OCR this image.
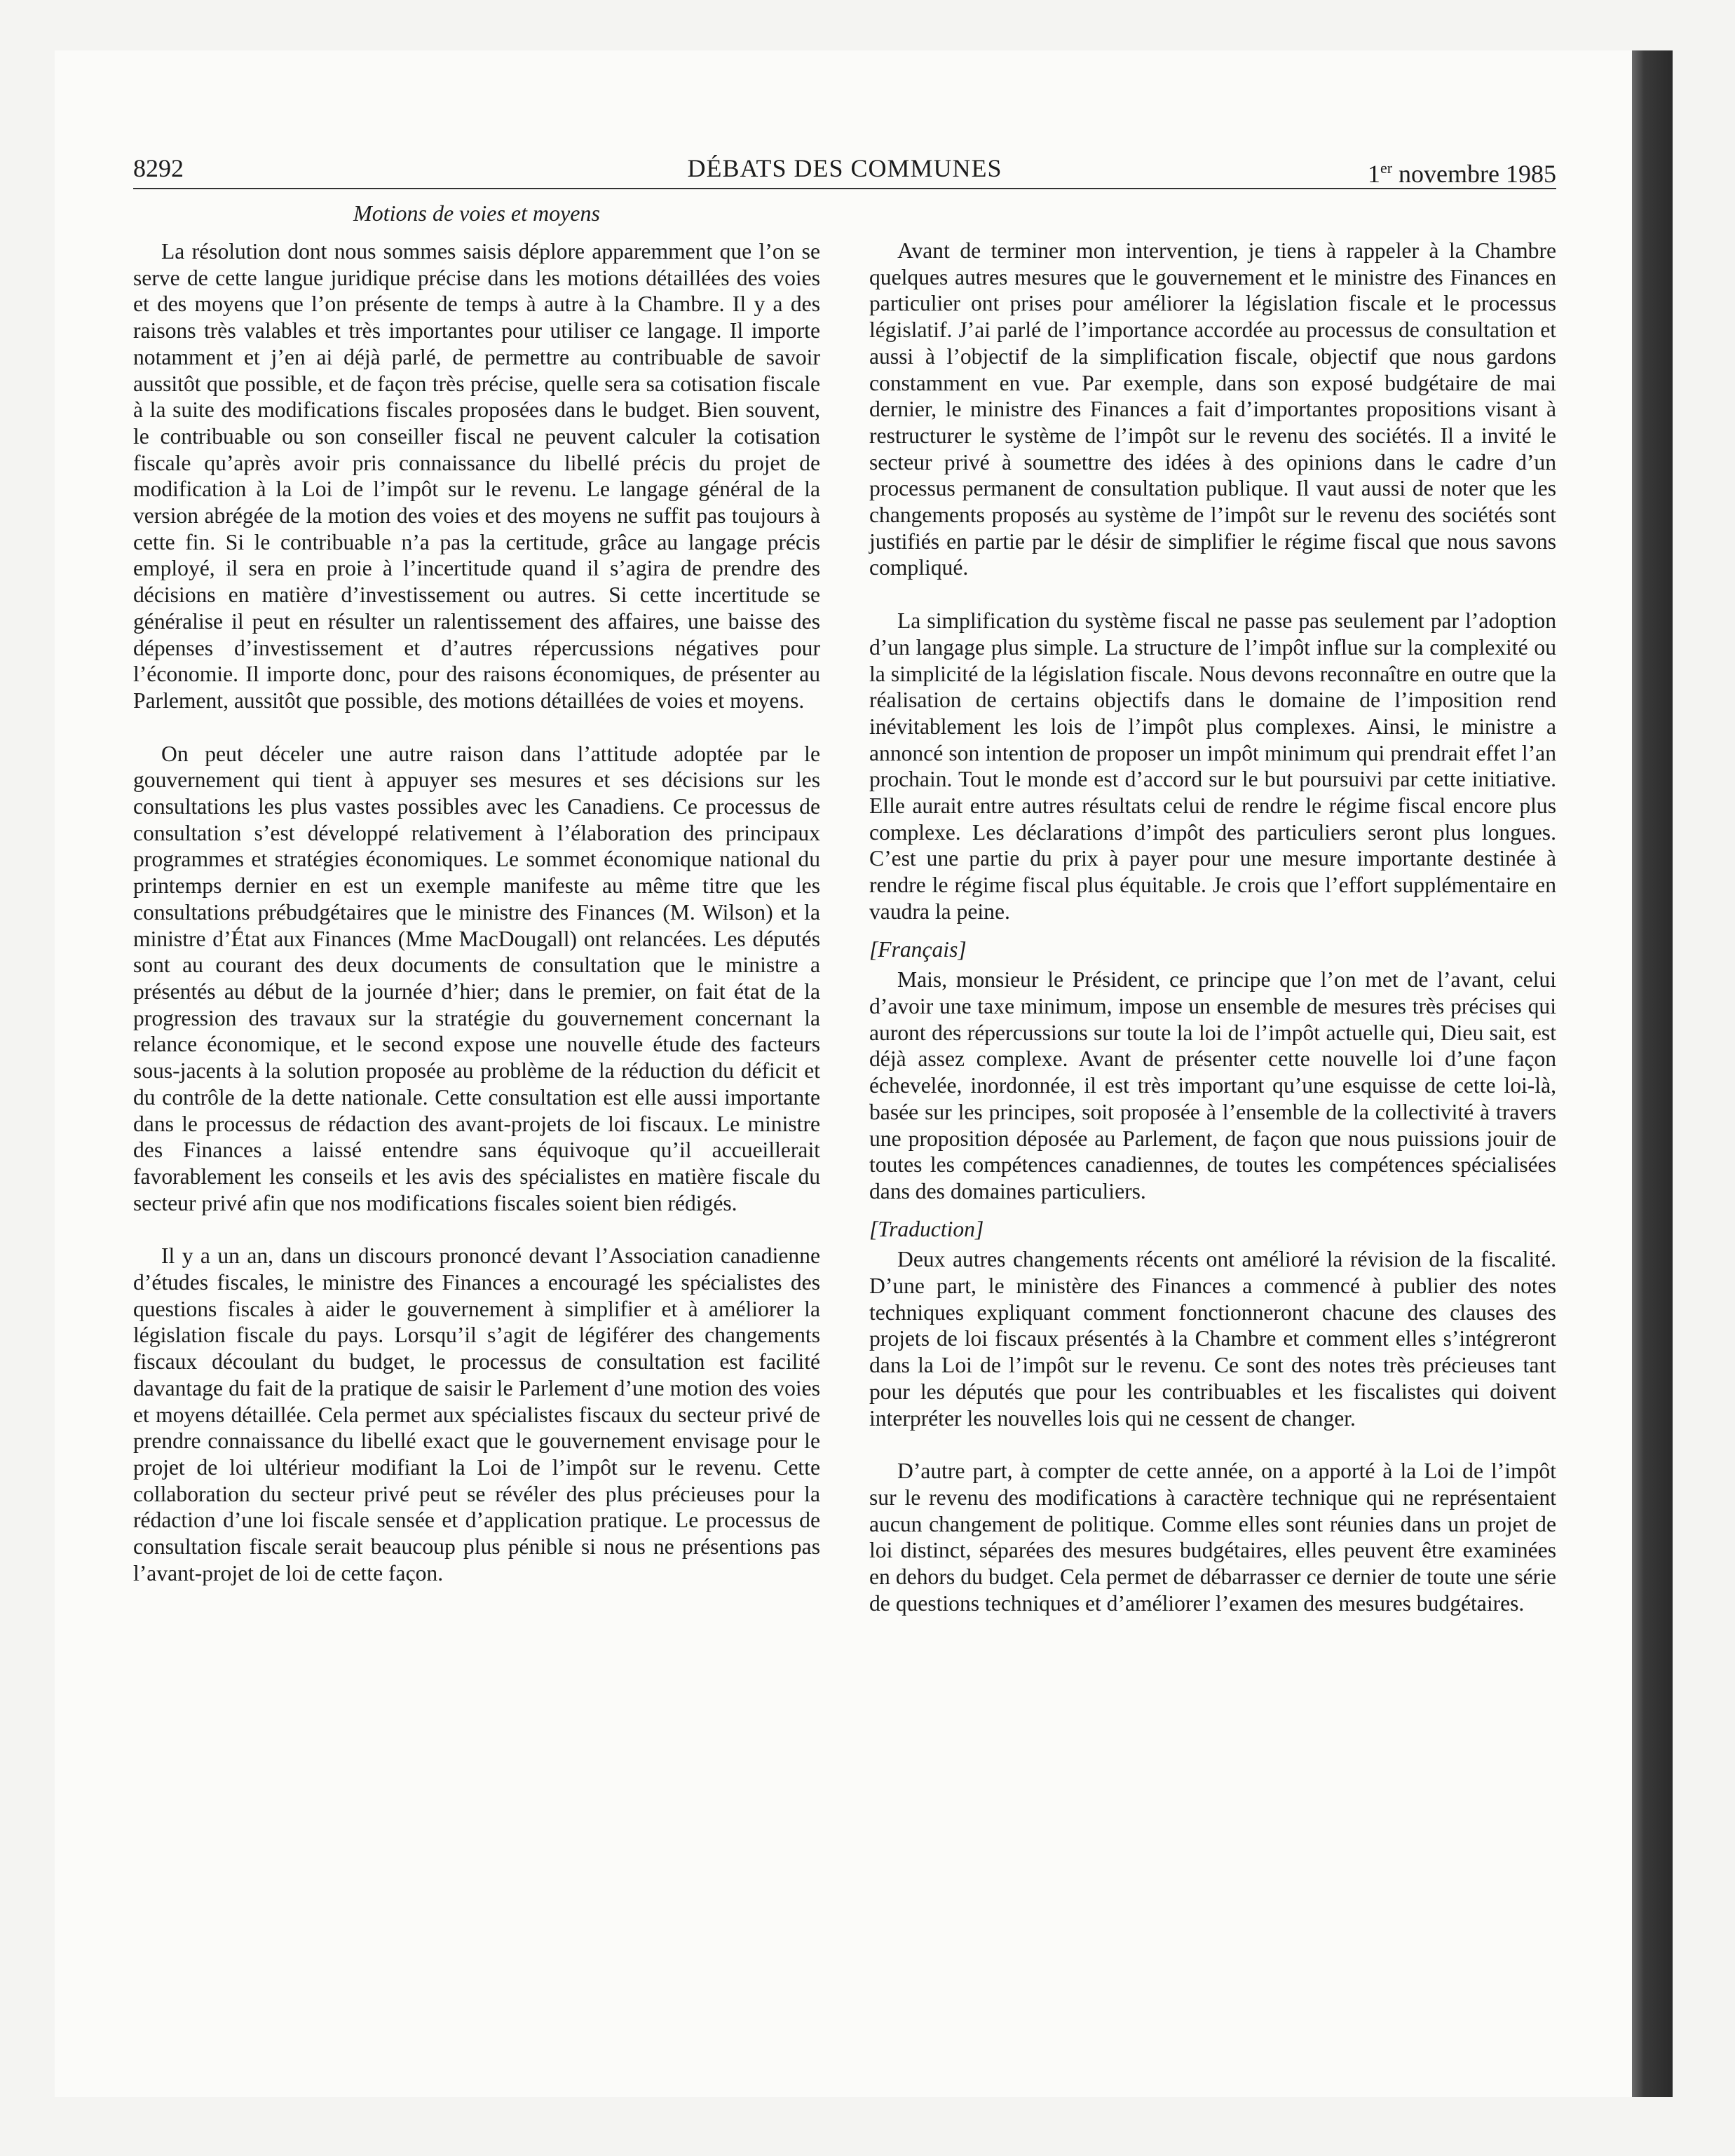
8292	DÉBATS DES COMMUNES	1er novembre 1985
Motions de voies et moyens

La résolution dont nous sommes saisis déplore apparemment que l’on se serve de cette langue juridique précise dans les motions détaillées des voies et des moyens que l’on présente de temps à autre à la Chambre. Il y a des raisons très valables et très importantes pour utiliser ce langage. Il importe notamment et j’en ai déjà parlé, de permettre au contribuable de savoir aussitôt que possible, et de façon très précise, quelle sera sa cotisation fiscale à la suite des modifications fiscales proposées dans le budget. Bien souvent, le contribuable ou son conseiller fiscal ne peuvent calculer la cotisation fiscale qu’après avoir pris connaissance du libellé précis du projet de modification à la Loi de l’impôt sur le revenu. Le langage général de la version abrégée de la motion des voies et des moyens ne suffit pas toujours à cette fin. Si le contribuable n’a pas la certitude, grâce au langage précis employé, il sera en proie à l’incertitude quand il s’agira de prendre des décisions en matière d’investissement ou autres. Si cette incertitude se généralise il peut en résulter un ralentissement des affaires, une baisse des dépenses d’investissement et d’autres répercussions négatives pour l’économie. Il importe donc, pour des raisons économiques, de présenter au Parlement, aussitôt que possible, des motions détaillées de voies et moyens.

On peut déceler une autre raison dans l’attitude adoptée par le gouvernement qui tient à appuyer ses mesures et ses décisions sur les consultations les plus vastes possibles avec les Canadiens. Ce processus de consultation s’est développé relativement à l’élaboration des principaux programmes et stratégies économiques. Le sommet économique national du printemps dernier en est un exemple manifeste au même titre que les consultations prébudgétaires que le ministre des Finances (M. Wilson) et la ministre d’État aux Finances (Mme MacDougall) ont relancées. Les députés sont au courant des deux documents de consultation que le ministre a présentés au début de la journée d’hier; dans le premier, on fait état de la progression des travaux sur la stratégie du gouvernement concernant la relance économique, et le second expose une nouvelle étude des facteurs sous-jacents à la solution proposée au problème de la réduction du déficit et du contrôle de la dette nationale. Cette consultation est elle aussi importante dans le processus de rédaction des avant-projets de loi fiscaux. Le ministre des Finances a laissé entendre sans équivoque qu’il accueillerait favorablement les conseils et les avis des spécialistes en matière fiscale du secteur privé afin que nos modifications fiscales soient bien rédigés.

Il y a un an, dans un discours prononcé devant l’Association canadienne d’études fiscales, le ministre des Finances a encouragé les spécialistes des questions fiscales à aider le gouvernement à simplifier et à améliorer la législation fiscale du pays. Lorsqu’il s’agit de légiférer des changements fiscaux découlant du budget, le processus de consultation est facilité davantage du fait de la pratique de saisir le Parlement d’une motion des voies et moyens détaillée. Cela permet aux spécialistes fiscaux du secteur privé de prendre connaissance du libellé exact que le gouvernement envisage pour le projet de loi ultérieur modifiant la Loi de l’impôt sur le revenu. Cette collaboration du secteur privé peut se révéler des plus précieuses pour la rédaction d’une loi fiscale sensée et d’application pratique. Le processus de consultation fiscale serait beaucoup plus pénible si nous ne présentions pas l’avant-projet de loi de cette façon.

Avant de terminer mon intervention, je tiens à rappeler à la Chambre quelques autres mesures que le gouvernement et le ministre des Finances en particulier ont prises pour améliorer la législation fiscale et le processus législatif. J’ai parlé de l’importance accordée au processus de consultation et aussi à l’objectif de la simplification fiscale, objectif que nous gardons constamment en vue. Par exemple, dans son exposé budgétaire de mai dernier, le ministre des Finances a fait d’importantes propositions visant à restructurer le système de l’impôt sur le revenu des sociétés. Il a invité le secteur privé à soumettre des idées à des opinions dans le cadre d’un processus permanent de consultation publique. Il vaut aussi de noter que les changements proposés au système de l’impôt sur le revenu des sociétés sont justifiés en partie par le désir de simplifier le régime fiscal que nous savons compliqué.

La simplification du système fiscal ne passe pas seulement par l’adoption d’un langage plus simple. La structure de l’impôt influe sur la complexité ou la simplicité de la législation fiscale. Nous devons reconnaître en outre que la réalisation de certains objectifs dans le domaine de l’imposition rend inévitablement les lois de l’impôt plus complexes. Ainsi, le ministre a annoncé son intention de proposer un impôt minimum qui prendrait effet l’an prochain. Tout le monde est d’accord sur le but poursuivi par cette initiative. Elle aurait entre autres résultats celui de rendre le régime fiscal encore plus complexe. Les déclarations d’impôt des particuliers seront plus longues. C’est une partie du prix à payer pour une mesure importante destinée à rendre le régime fiscal plus équitable. Je crois que l’effort supplémentaire en vaudra la peine.

[Français]

Mais, monsieur le Président, ce principe que l’on met de l’avant, celui d’avoir une taxe minimum, impose un ensemble de mesures très précises qui auront des répercussions sur toute la loi de l’impôt actuelle qui, Dieu sait, est déjà assez complexe. Avant de présenter cette nouvelle loi d’une façon échevelée, inordonnée, il est très important qu’une esquisse de cette loi-là, basée sur les principes, soit proposée à l’ensemble de la collectivité à travers une proposition déposée au Parlement, de façon que nous puissions jouir de toutes les compétences canadiennes, de toutes les compétences spécialisées dans des domaines particuliers.

[Traduction]

Deux autres changements récents ont amélioré la révision de la fiscalité. D’une part, le ministère des Finances a commencé à publier des notes techniques expliquant comment fonctionneront chacune des clauses des projets de loi fiscaux présentés à la Chambre et comment elles s’intégreront dans la Loi de l’impôt sur le revenu. Ce sont des notes très précieuses tant pour les députés que pour les contribuables et les fiscalistes qui doivent interpréter les nouvelles lois qui ne cessent de changer.

D’autre part, à compter de cette année, on a apporté à la Loi de l’impôt sur le revenu des modifications à caractère technique qui ne représentaient aucun changement de politique. Comme elles sont réunies dans un projet de loi distinct, séparées des mesures budgétaires, elles peuvent être examinées en dehors du budget. Cela permet de débarrasser ce dernier de toute une série de questions techniques et d’améliorer l’examen des mesures budgétaires.
